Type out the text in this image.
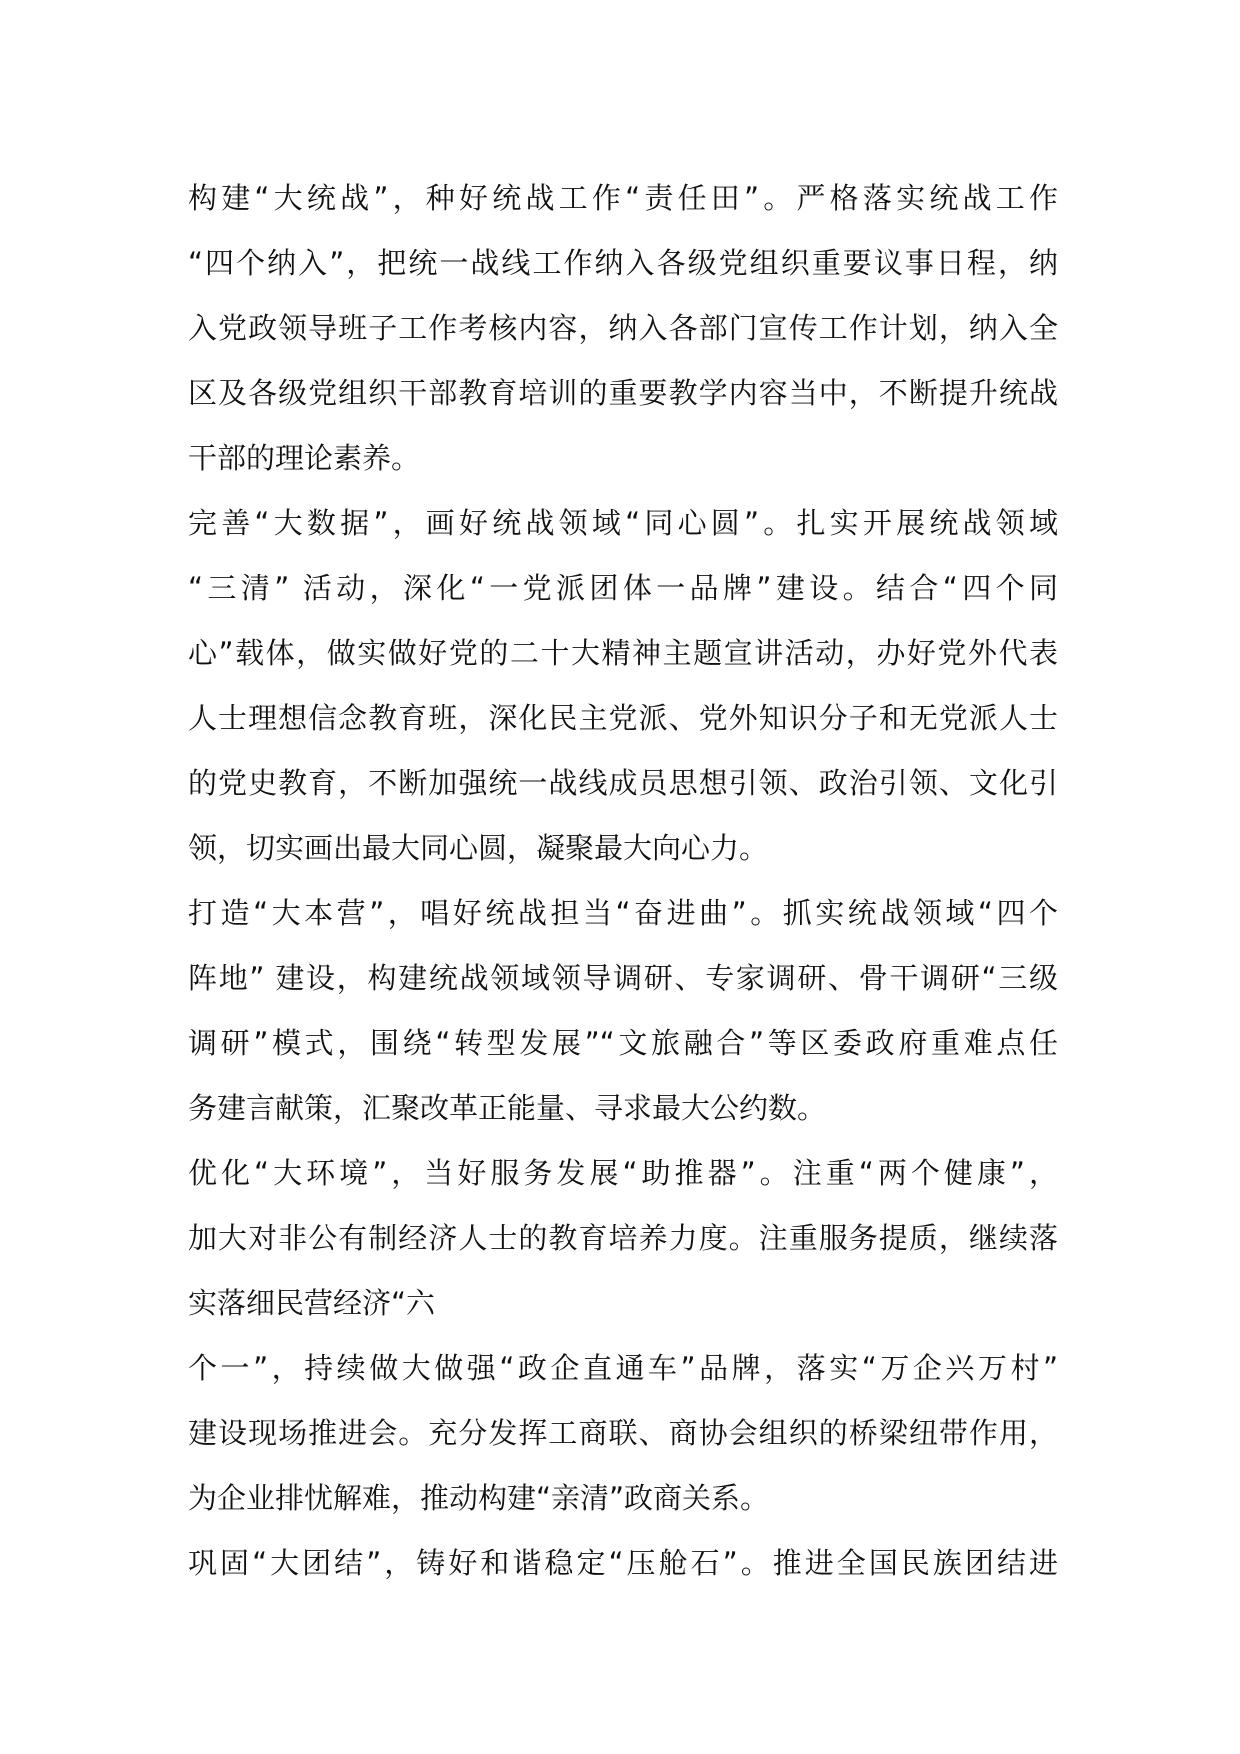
构建“大统战”，种好统战工作“责任田”。严格落实统战工作
“四个纳入”，把统一战线工作纳入各级党组织重要议事日程，纳
入党政领导班子工作考核内容，纳入各部门宣传工作计划，纳入全
区及各级党组织干部教育培训的重要教学内容当中，不断提升统战
干部的理论素养。
完善“大数据”，画好统战领域“同心圆”。扎实开展统战领域
“三清” 活动，深化“一党派团体一品牌”建设。结合“四个同
心”载体，做实做好党的二十大精神主题宣讲活动，办好党外代表
人士理想信念教育班，深化民主党派、党外知识分子和无党派人士
的党史教育，不断加强统一战线成员思想引领、政治引领、文化引
领，切实画出最大同心圆，凝聚最大向心力。
打造“大本营”，唱好统战担当“奋进曲”。抓实统战领域“四个
阵地” 建设，构建统战领域领导调研、专家调研、骨干调研“三级
调研”模式，围绕“转型发展”“文旅融合”等区委政府重难点任
务建言献策，汇聚改革正能量、寻求最大公约数。
优化“大环境”，当好服务发展“助推器”。注重“两个健康”，
加大对非公有制经济人士的教育培养力度。注重服务提质，继续落
实落细民营经济“六
个一”，持续做大做强“政企直通车”品牌，落实“万企兴万村”
建设现场推进会。充分发挥工商联、商协会组织的桥梁纽带作用，
为企业排忧解难，推动构建“亲清”政商关系。
巩固“大团结”，铸好和谐稳定“压舱石”。推进全国民族团结进
